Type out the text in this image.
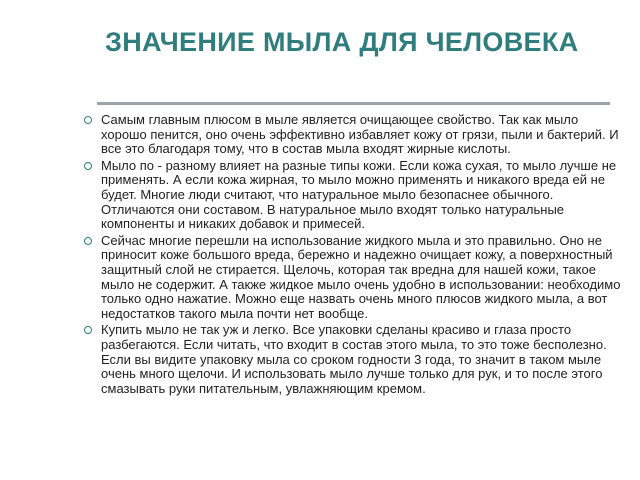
ЗНАЧЕНИЕ МЫЛА ДЛЯ ЧЕЛОВЕКА
Самым главным плюсом в мыле является очищающее свойство. Так как мыло хорошо пенится, оно очень эффективно избавляет кожу от грязи, пыли и бактерий. И все это благодаря тому, что в состав мыла входят жирные кислоты.
Мыло по - разному влияет на разные типы кожи. Если кожа сухая, то мыло лучше не применять. А если кожа жирная, то мыло можно применять и никакого вреда ей не будет. Многие люди считают, что натуральное мыло безопаснее обычного. Отличаются они составом. В натуральное мыло входят только натуральные компоненты и никаких добавок и примесей.
Сейчас многие перешли на использование жидкого мыла и это правильно. Оно не приносит коже большого вреда, бережно и надежно очищает кожу, а поверхностный защитный слой не стирается. Щелочь, которая так вредна для нашей кожи, такое мыло не содержит. А также жидкое мыло очень удобно в использовании: необходимо только одно нажатие. Можно еще назвать очень много плюсов жидкого мыла, а вот недостатков такого мыла почти нет вообще.
Купить мыло не так уж и легко. Все упаковки сделаны красиво и глаза просто разбегаются. Если читать, что входит в состав этого мыла, то это тоже бесполезно. Если вы видите упаковку мыла со сроком годности 3 года, то значит в таком мыле очень много щелочи. И использовать мыло лучше только для рук, и то после этого смазывать руки питательным, увлажняющим кремом.
